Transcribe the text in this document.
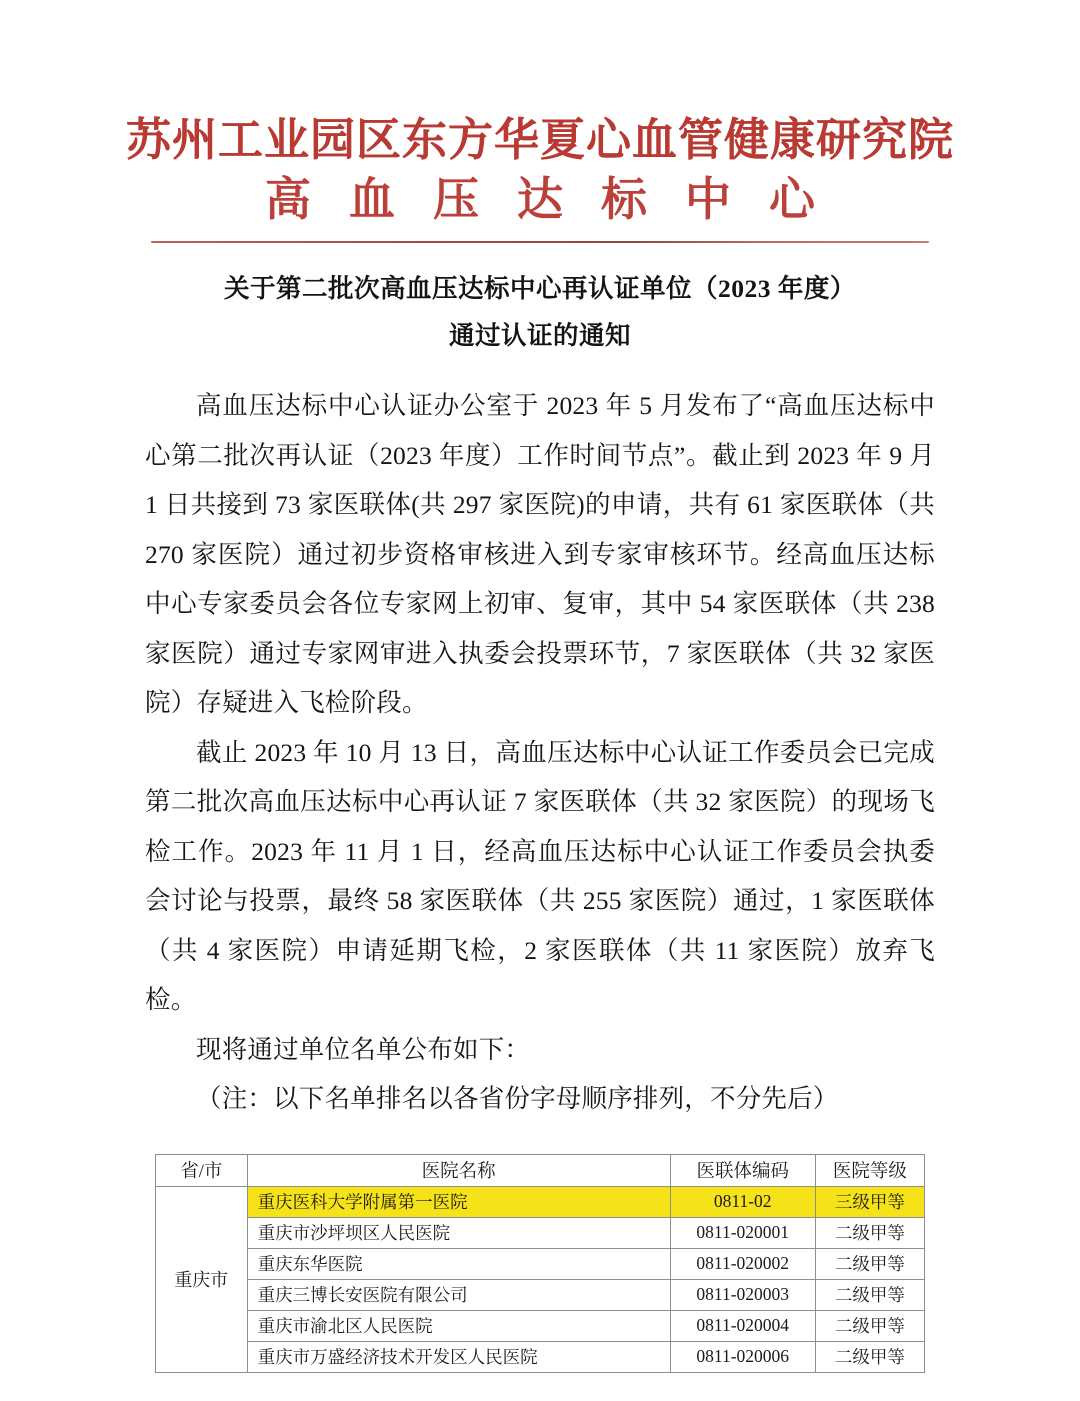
苏州工业园区东方华夏心血管健康研究院
高血压达标中心
关于第二批次高血压达标中心再认证单位（2023 年度）
通过认证的通知

高血压达标中心认证办公室于 2023 年 5 月发布了“高血压达标中心第二批次再认证（2023 年度）工作时间节点”。截止到 2023 年 9 月 1 日共接到 73 家医联体(共 297 家医院)的申请，共有 61 家医联体（共 270 家医院）通过初步资格审核进入到专家审核环节。经高血压达标中心专家委员会各位专家网上初审、复审，其中 54 家医联体（共 238 家医院）通过专家网审进入执委会投票环节，7 家医联体（共 32 家医院）存疑进入飞检阶段。

截止 2023 年 10 月 13 日，高血压达标中心认证工作委员会已完成第二批次高血压达标中心再认证 7 家医联体（共 32 家医院）的现场飞检工作。2023 年 11 月 1 日，经高血压达标中心认证工作委员会执委会讨论与投票，最终 58 家医联体（共 255 家医院）通过，1 家医联体（共 4 家医院）申请延期飞检，2 家医联体（共 11 家医院）放弃飞检。

现将通过单位名单公布如下：

（注：以下名单排名以各省份字母顺序排列，不分先后）

省/市	医院名称	医联体编码	医院等级
重庆市	重庆医科大学附属第一医院	0811-02	三级甲等
	重庆市沙坪坝区人民医院	0811-020001	二级甲等
	重庆东华医院	0811-020002	二级甲等
	重庆三博长安医院有限公司	0811-020003	二级甲等
	重庆市渝北区人民医院	0811-020004	二级甲等
	重庆市万盛经济技术开发区人民医院	0811-020006	二级甲等
